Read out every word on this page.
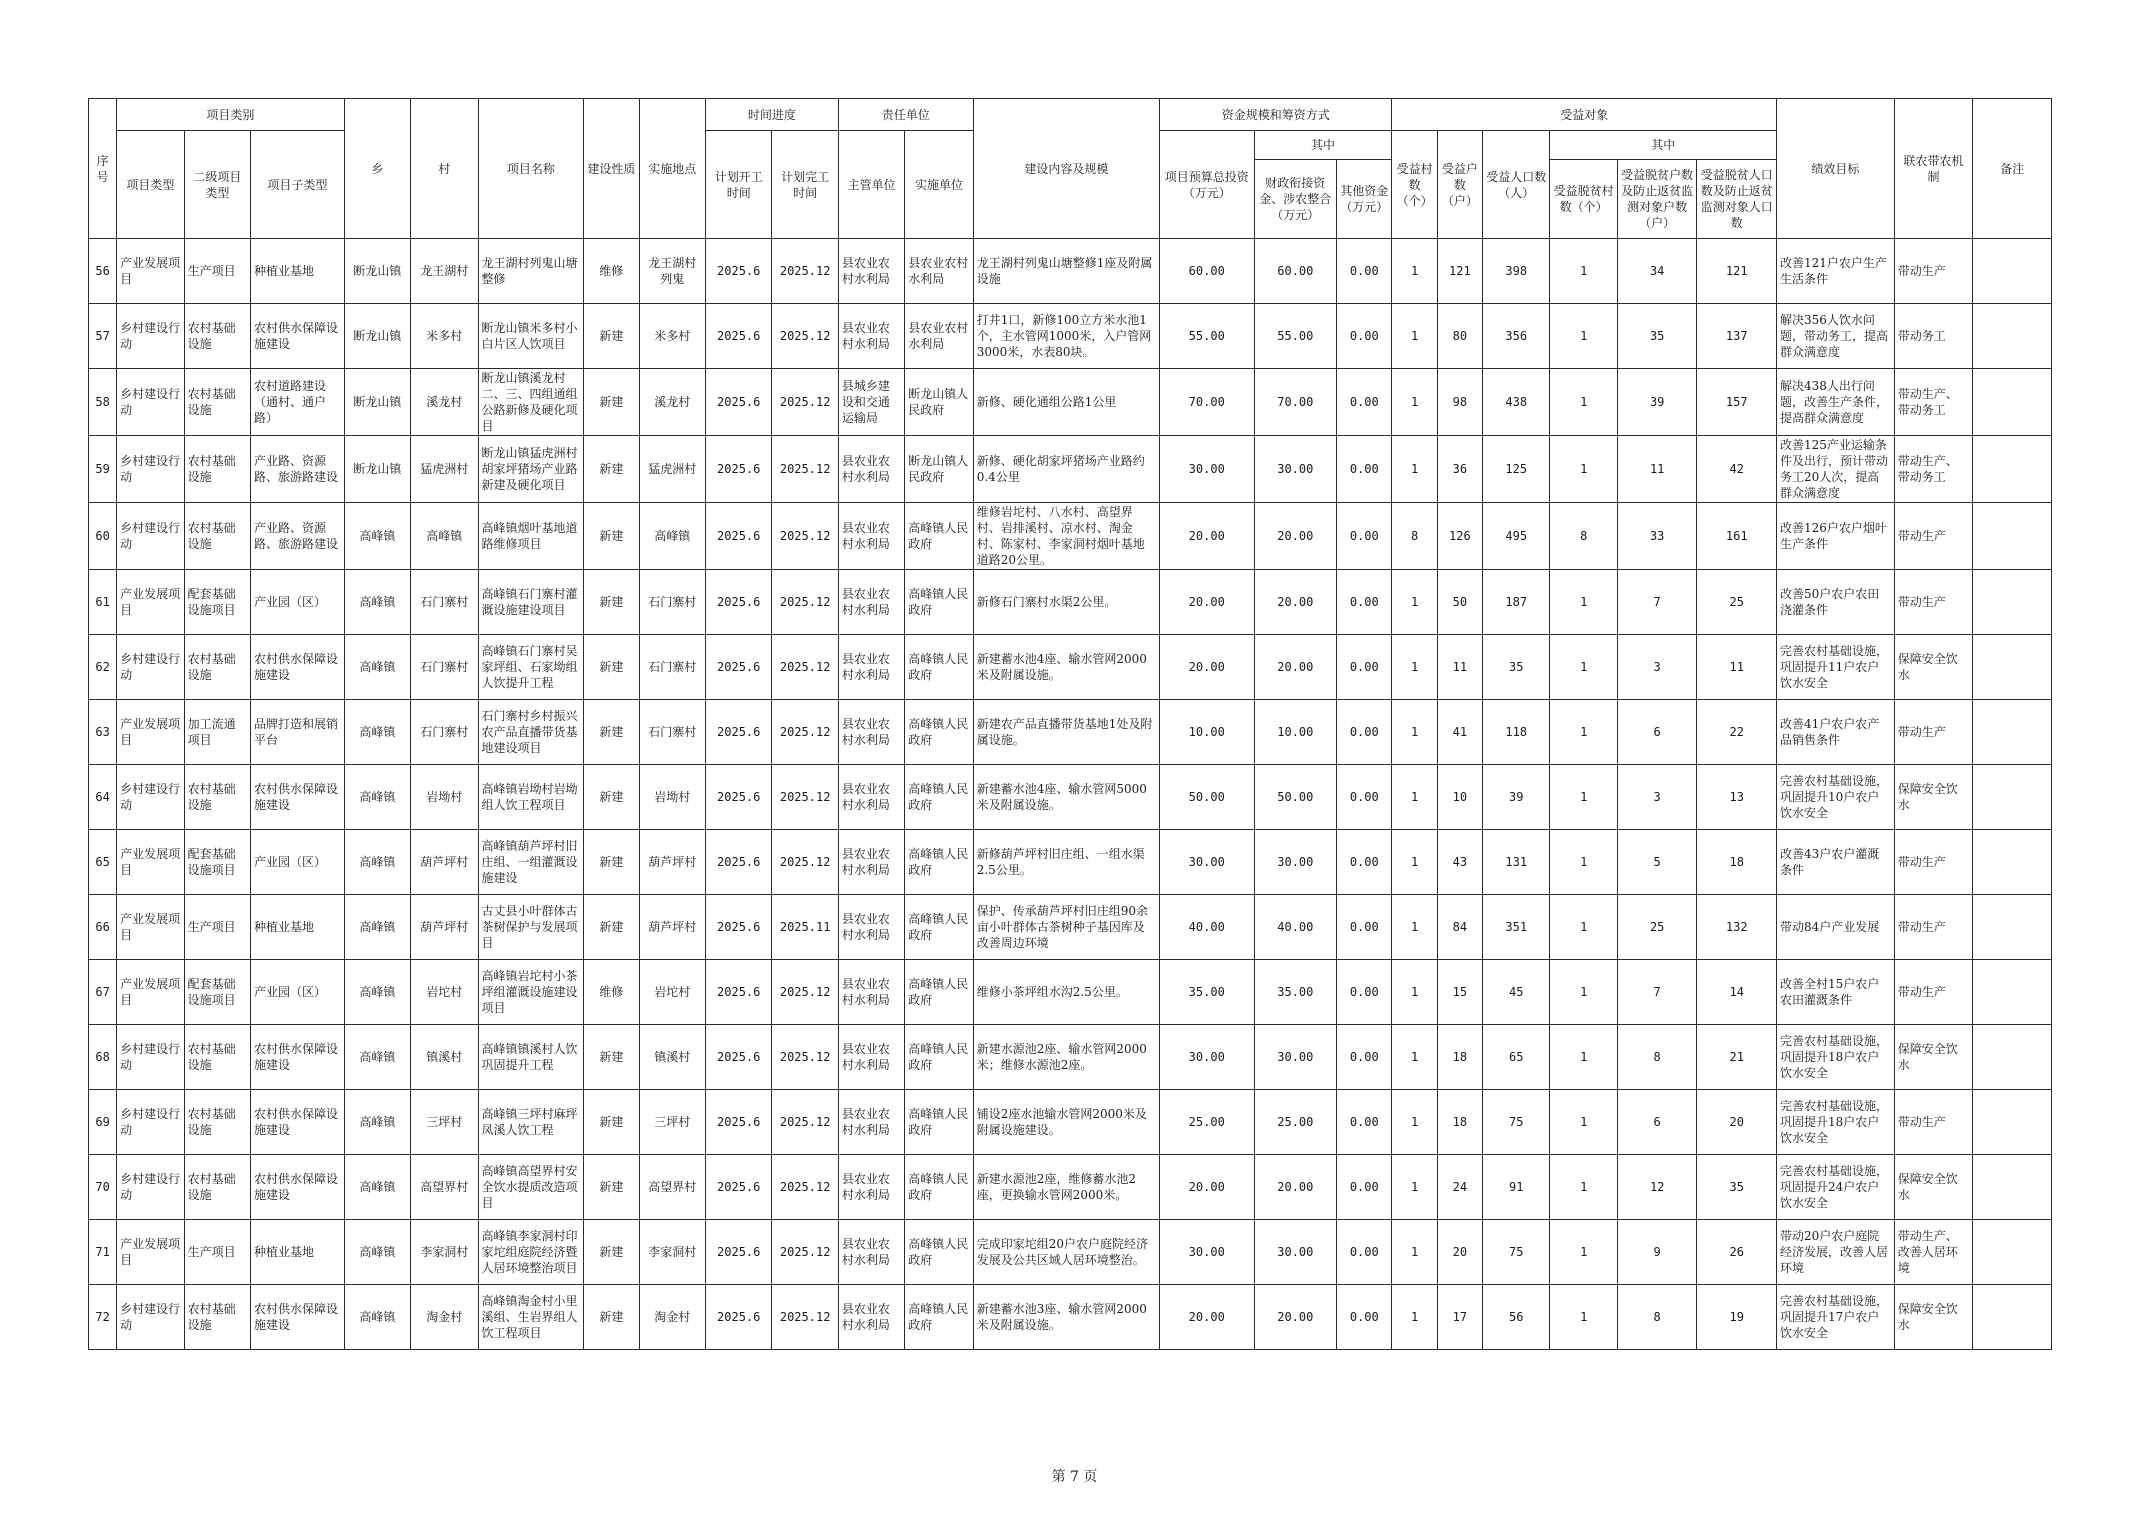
序号	项目类别			乡	村	项目名称	建设性质	实施地点	时间进度		责任单位		建设内容及规模	资金规模和筹资方式			受益对象						绩效目标	联农带农机制	备注
	项目类型	二级项目类型	项目子类型						计划开工时间	计划完工时间	主管单位	实施单位		项目预算总投资（万元）	其中		受益村数（个）	受益户数（户）	受益人口数（人）	其中					
															财政衔接资金、涉农整合（万元）	其他资金（万元）				受益脱贫村数（个）	受益脱贫户数及防止返贫监测对象户数（户）	受益脱贫人口数及防止返贫监测对象人口数			
56	产业发展项目	生产项目	种植业基地	断龙山镇	龙王湖村	龙王湖村列鬼山塘整修	维修	龙王湖村列鬼	2025.6	2025.12	县农业农村水利局	县农业农村水利局	龙王湖村列鬼山塘整修1座及附属设施	60.00	60.00	0.00	1	121	398	1	34	121	改善121户农户生产生活条件	带动生产	
57	乡村建设行动	农村基础设施	农村供水保障设施建设	断龙山镇	米多村	断龙山镇米多村小白片区人饮项目	新建	米多村	2025.6	2025.12	县农业农村水利局	县农业农村水利局	打井1口，新修100立方米水池1个，主水管网1000米，入户管网3000米，水表80块。	55.00	55.00	0.00	1	80	356	1	35	137	解决356人饮水问题，带动务工，提高群众满意度	带动务工	
58	乡村建设行动	农村基础设施	农村道路建设（通村、通户路）	断龙山镇	溪龙村	断龙山镇溪龙村二、三、四组通组公路新修及硬化项目	新建	溪龙村	2025.6	2025.12	县城乡建设和交通运输局	断龙山镇人民政府	新修、硬化通组公路1公里	70.00	70.00	0.00	1	98	438	1	39	157	解决438人出行问题，改善生产条件，提高群众满意度	带动生产、带动务工	
59	乡村建设行动	农村基础设施	产业路、资源路、旅游路建设	断龙山镇	猛虎洲村	断龙山镇猛虎洲村胡家坪猪场产业路新建及硬化项目	新建	猛虎洲村	2025.6	2025.12	县农业农村水利局	断龙山镇人民政府	新修、硬化胡家坪猪场产业路约0.4公里	30.00	30.00	0.00	1	36	125	1	11	42	改善125产业运输条件及出行，预计带动务工20人次，提高群众满意度	带动生产、带动务工	
60	乡村建设行动	农村基础设施	产业路、资源路、旅游路建设	高峰镇	高峰镇	高峰镇烟叶基地道路维修项目	新建	高峰镇	2025.6	2025.12	县农业农村水利局	高峰镇人民政府	维修岩坨村、八水村、高望界村、岩排溪村、凉水村、淘金村、陈家村、李家洞村烟叶基地道路20公里。	20.00	20.00	0.00	8	126	495	8	33	161	改善126户农户烟叶生产条件	带动生产	
61	产业发展项目	配套基础设施项目	产业园（区）	高峰镇	石门寨村	高峰镇石门寨村灌溉设施建设项目	新建	石门寨村	2025.6	2025.12	县农业农村水利局	高峰镇人民政府	新修石门寨村水渠2公里。	20.00	20.00	0.00	1	50	187	1	7	25	改善50户农户农田浇灌条件	带动生产	
62	乡村建设行动	农村基础设施	农村供水保障设施建设	高峰镇	石门寨村	高峰镇石门寨村吴家坪组、石家坳组人饮提升工程	新建	石门寨村	2025.6	2025.12	县农业农村水利局	高峰镇人民政府	新建蓄水池4座、输水管网2000米及附属设施。	20.00	20.00	0.00	1	11	35	1	3	11	完善农村基础设施，巩固提升11户农户饮水安全	保障安全饮水	
63	产业发展项目	加工流通项目	品牌打造和展销平台	高峰镇	石门寨村	石门寨村乡村振兴农产品直播带货基地建设项目	新建	石门寨村	2025.6	2025.12	县农业农村水利局	高峰镇人民政府	新建农产品直播带货基地1处及附属设施。	10.00	10.00	0.00	1	41	118	1	6	22	改善41户农户农产品销售条件	带动生产	
64	乡村建设行动	农村基础设施	农村供水保障设施建设	高峰镇	岩坳村	高峰镇岩坳村岩坳组人饮工程项目	新建	岩坳村	2025.6	2025.12	县农业农村水利局	高峰镇人民政府	新建蓄水池4座、输水管网5000米及附属设施。	50.00	50.00	0.00	1	10	39	1	3	13	完善农村基础设施，巩固提升10户农户饮水安全	保障安全饮水	
65	产业发展项目	配套基础设施项目	产业园（区）	高峰镇	葫芦坪村	高峰镇葫芦坪村旧庄组、一组灌溉设施建设	新建	葫芦坪村	2025.6	2025.12	县农业农村水利局	高峰镇人民政府	新修葫芦坪村旧庄组、一组水渠2.5公里。	30.00	30.00	0.00	1	43	131	1	5	18	改善43户农户灌溉条件	带动生产	
66	产业发展项目	生产项目	种植业基地	高峰镇	葫芦坪村	古丈县小叶群体古茶树保护与发展项目	新建	葫芦坪村	2025.6	2025.11	县农业农村水利局	高峰镇人民政府	保护、传承葫芦坪村旧庄组90余亩小叶群体古茶树种子基因库及改善周边环境	40.00	40.00	0.00	1	84	351	1	25	132	带动84户产业发展	带动生产	
67	产业发展项目	配套基础设施项目	产业园（区）	高峰镇	岩坨村	高峰镇岩坨村小茶坪组灌溉设施建设项目	维修	岩坨村	2025.6	2025.12	县农业农村水利局	高峰镇人民政府	维修小茶坪组水沟2.5公里。	35.00	35.00	0.00	1	15	45	1	7	14	改善全村15户农户农田灌溉条件	带动生产	
68	乡村建设行动	农村基础设施	农村供水保障设施建设	高峰镇	镇溪村	高峰镇镇溪村人饮巩固提升工程	新建	镇溪村	2025.6	2025.12	县农业农村水利局	高峰镇人民政府	新建水源池2座、输水管网2000米；维修水源池2座。	30.00	30.00	0.00	1	18	65	1	8	21	完善农村基础设施，巩固提升18户农户饮水安全	保障安全饮水	
69	乡村建设行动	农村基础设施	农村供水保障设施建设	高峰镇	三坪村	高峰镇三坪村麻坪凤溪人饮工程	新建	三坪村	2025.6	2025.12	县农业农村水利局	高峰镇人民政府	铺设2座水池输水管网2000米及附属设施建设。	25.00	25.00	0.00	1	18	75	1	6	20	完善农村基础设施，巩固提升18户农户饮水安全	带动生产	
70	乡村建设行动	农村基础设施	农村供水保障设施建设	高峰镇	高望界村	高峰镇高望界村安全饮水提质改造项目	新建	高望界村	2025.6	2025.12	县农业农村水利局	高峰镇人民政府	新建水源池2座，维修蓄水池2座，更换输水管网2000米。	20.00	20.00	0.00	1	24	91	1	12	35	完善农村基础设施，巩固提升24户农户饮水安全	保障安全饮水	
71	产业发展项目	生产项目	种植业基地	高峰镇	李家洞村	高峰镇李家洞村印家坨组庭院经济暨人居环境整治项目	新建	李家洞村	2025.6	2025.12	县农业农村水利局	高峰镇人民政府	完成印家坨组20户农户庭院经济发展及公共区域人居环境整治。	30.00	30.00	0.00	1	20	75	1	9	26	带动20户农户庭院经济发展，改善人居环境	带动生产、改善人居环境	
72	乡村建设行动	农村基础设施	农村供水保障设施建设	高峰镇	淘金村	高峰镇淘金村小里溪组、生岩界组人饮工程项目	新建	淘金村	2025.6	2025.12	县农业农村水利局	高峰镇人民政府	新建蓄水池3座、输水管网2000米及附属设施。	20.00	20.00	0.00	1	17	56	1	8	19	完善农村基础设施，巩固提升17户农户饮水安全	保障安全饮水	
第 7 页
